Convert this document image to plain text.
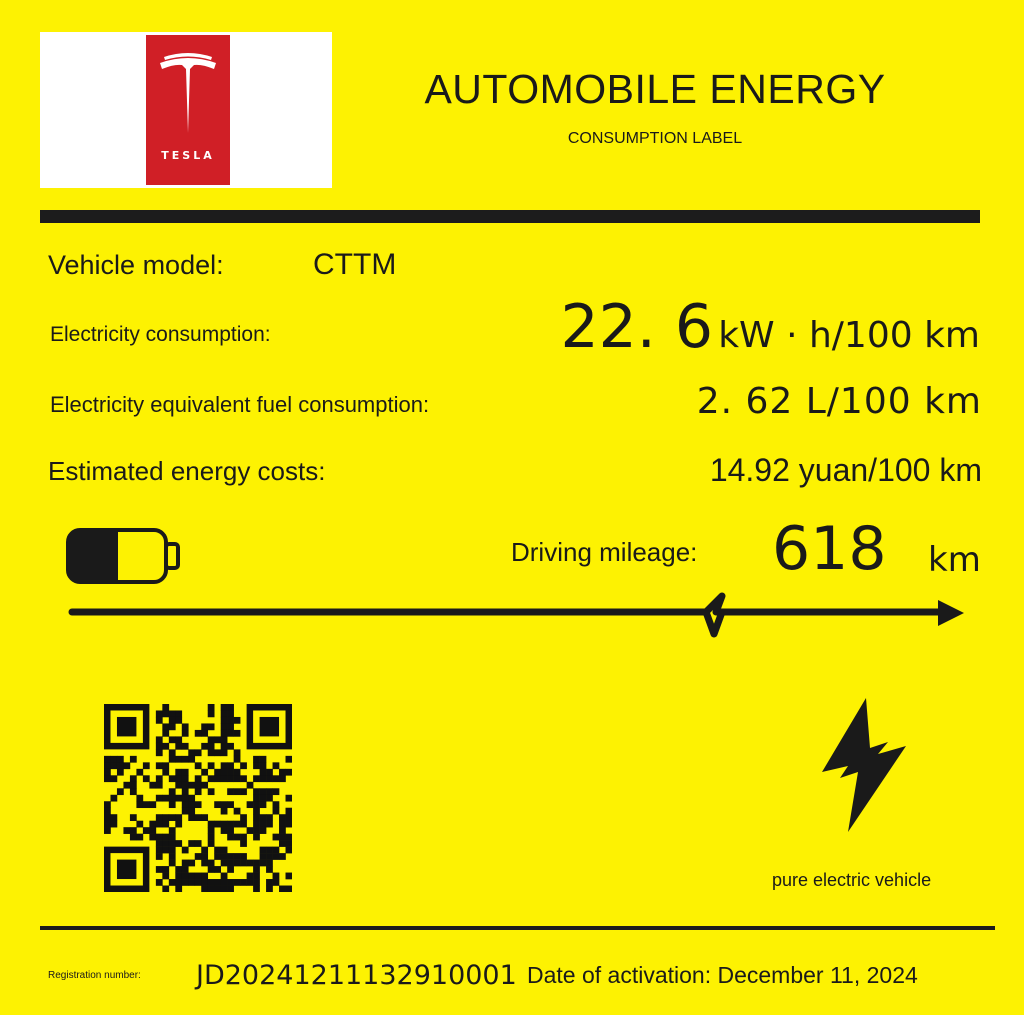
TESLA
AUTOMOBILE ENERGY
CONSUMPTION LABEL
Vehicle model:	CTTM
Electricity consumption:	22. 6 kW · h/100 km
Electricity equivalent fuel consumption:	2. 62 L/100 km
Estimated energy costs:	14.92 yuan/100 km
Driving mileage: 618 km
pure electric vehicle
Registration number: JD20241211132910001 Date of activation: December 11, 2024
